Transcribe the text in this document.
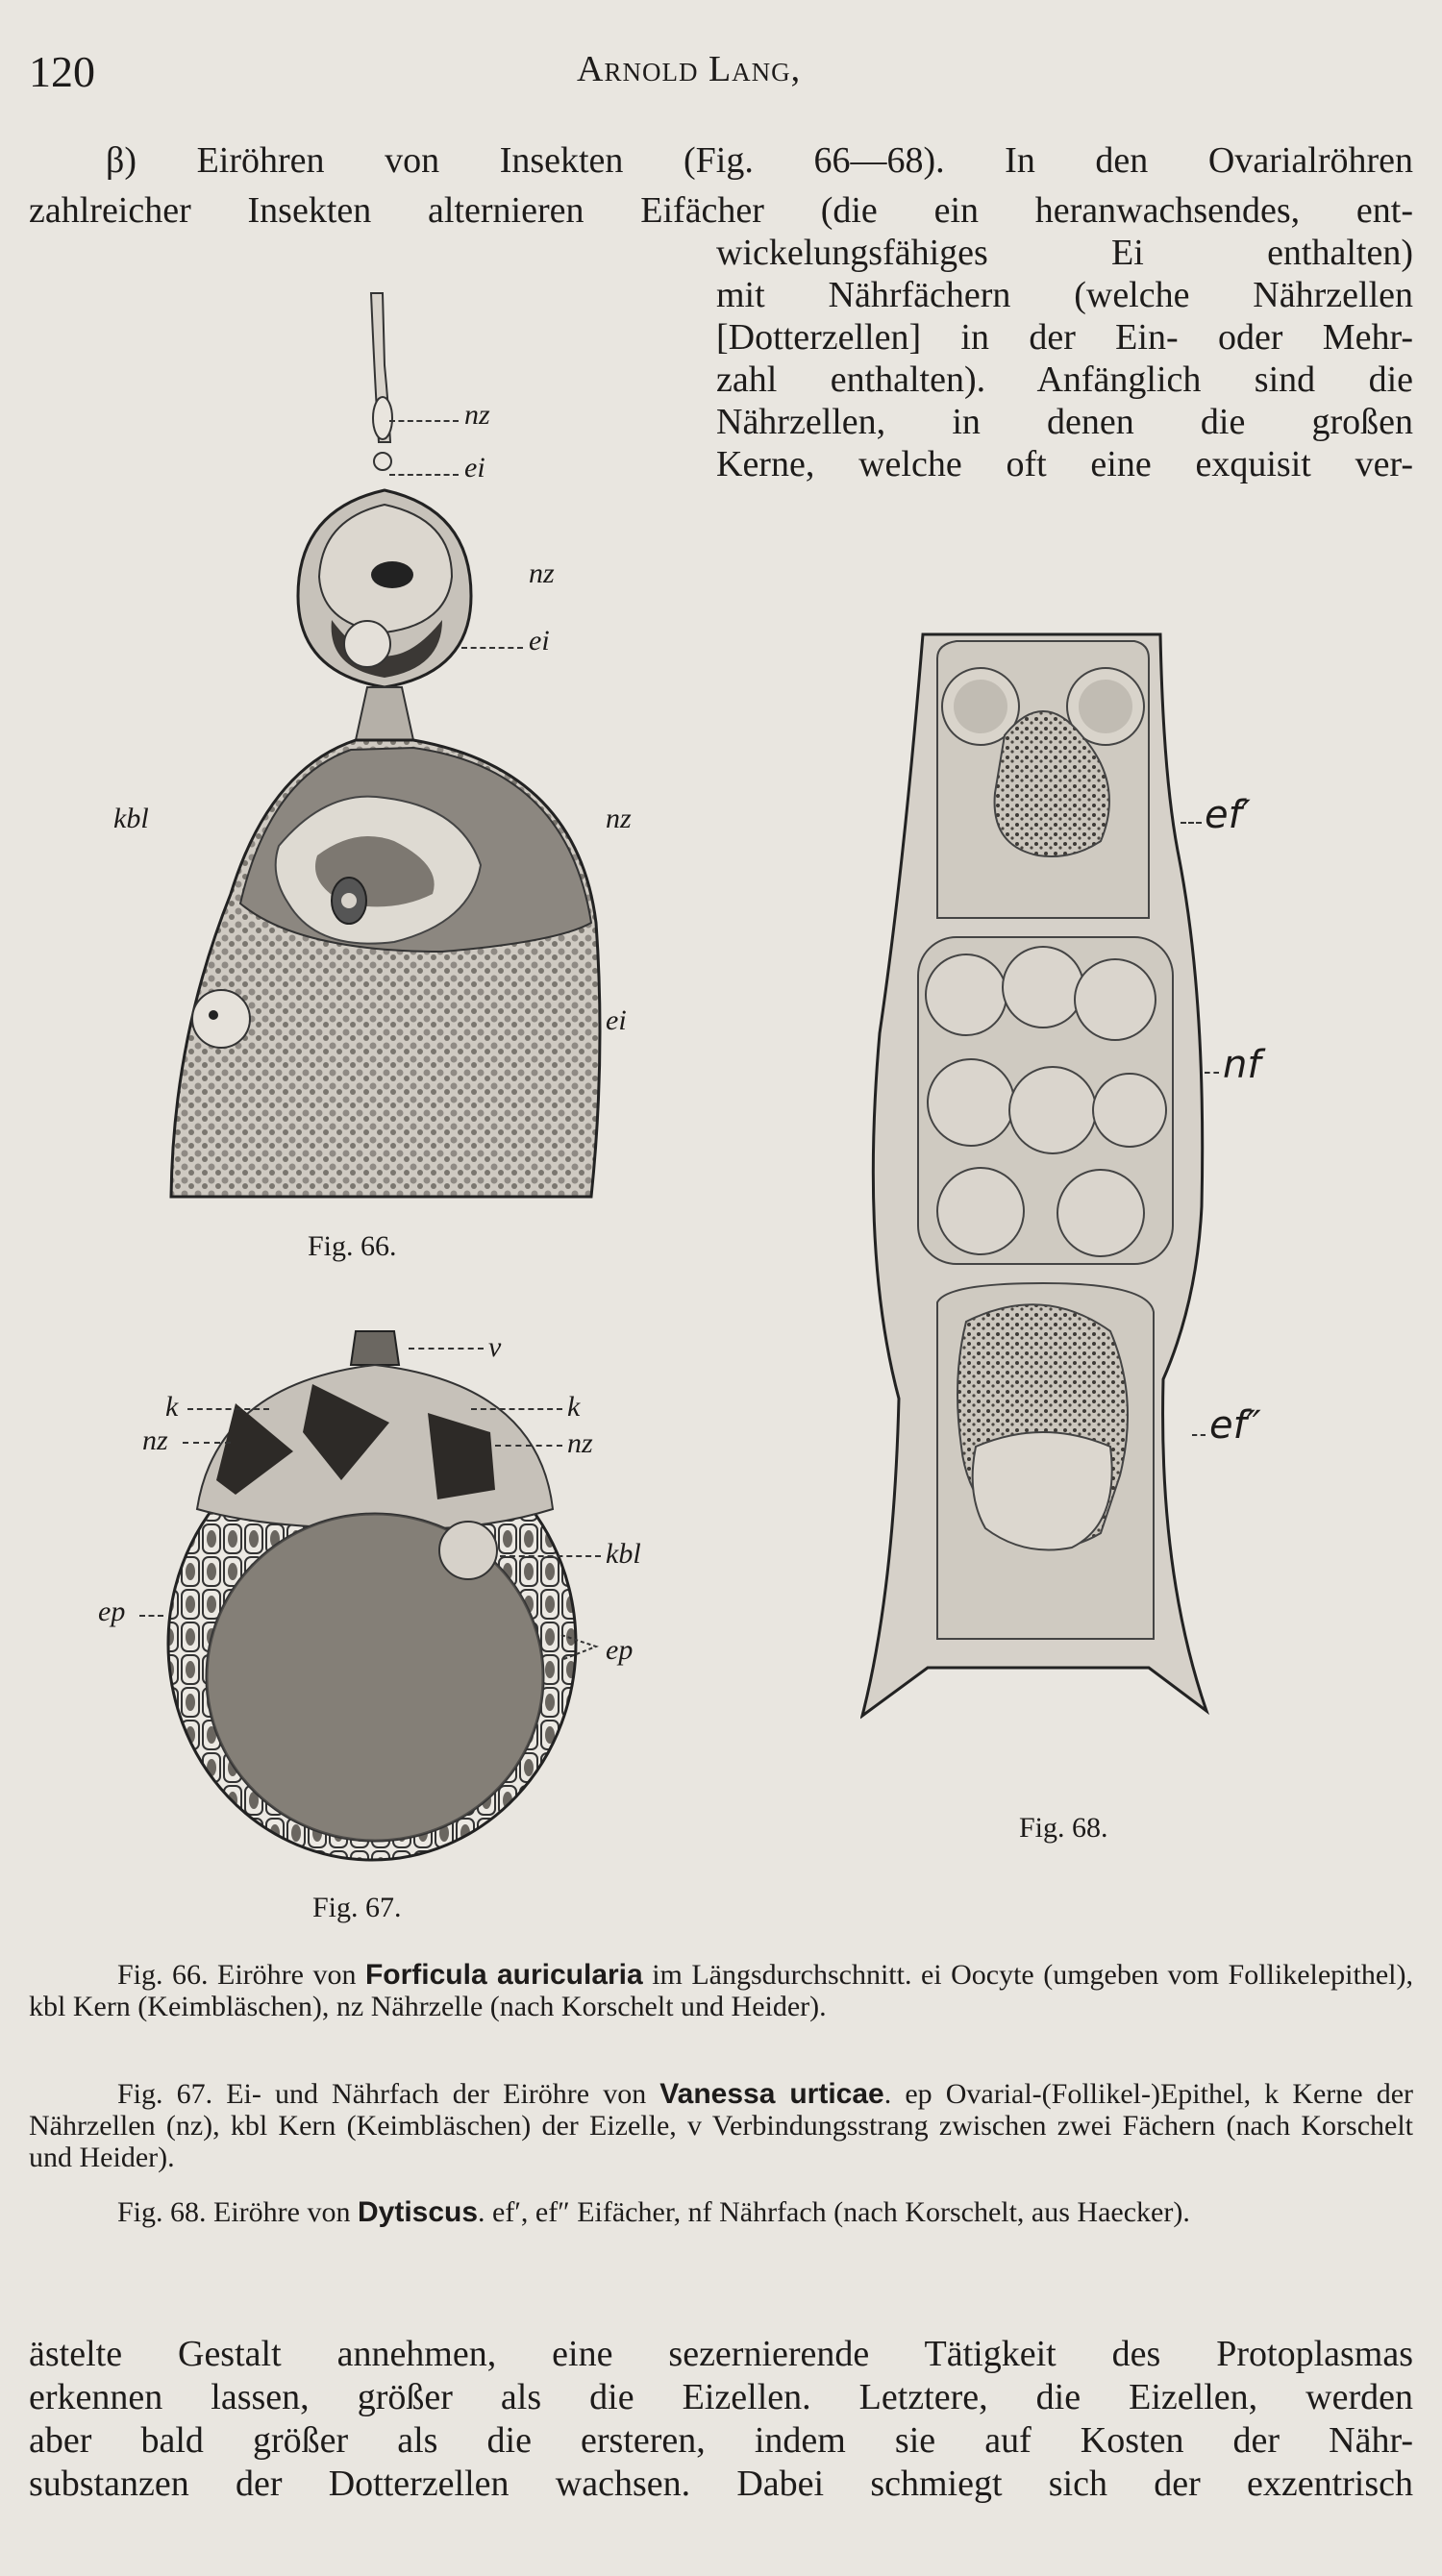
120	Arnold Lang,
β) Eiröhren von Insekten (Fig. 66—68). In den Ovarialröhren
zahlreicher Insekten alternieren Eifächer (die ein heranwachsendes, ent-
wickelungsfähiges Ei enthalten)
mit Nährfächern (welche Nährzellen
[Dotterzellen] in der Ein- oder Mehr-
zahl enthalten). Anfänglich sind die
Nährzellen, in denen die großen
Kerne, welche oft eine exquisit ver-
nz
ei
nz
ei
kbl	nz
ei
Fig. 66.
ef′
nf
ef″
Fig. 68.
v
k
nz
k
nz
kbl
ep
ep
Fig. 67.
Fig. 66. Eiröhre von Forficula auricularia im Längsdurchschnitt. ei Oocyte (umgeben vom Follikelepithel), kbl Kern (Keimbläschen), nz Nährzelle (nach Korschelt und Heider).
Fig. 67. Ei- und Nährfach der Eiröhre von Vanessa urticae. ep Ovarial-(Follikel-)Epithel, k Kerne der Nährzellen (nz), kbl Kern (Keimbläschen) der Eizelle, v Verbindungsstrang zwischen zwei Fächern (nach Korschelt und Heider).
Fig. 68. Eiröhre von Dytiscus. ef′, ef″ Eifächer, nf Nährfach (nach Korschelt, aus Haecker).
ästelte Gestalt annehmen, eine sezernierende Tätigkeit des Protoplasmas
erkennen lassen, größer als die Eizellen. Letztere, die Eizellen, werden
aber bald größer als die ersteren, indem sie auf Kosten der Nähr-
substanzen der Dotterzellen wachsen. Dabei schmiegt sich der exzentrisch
